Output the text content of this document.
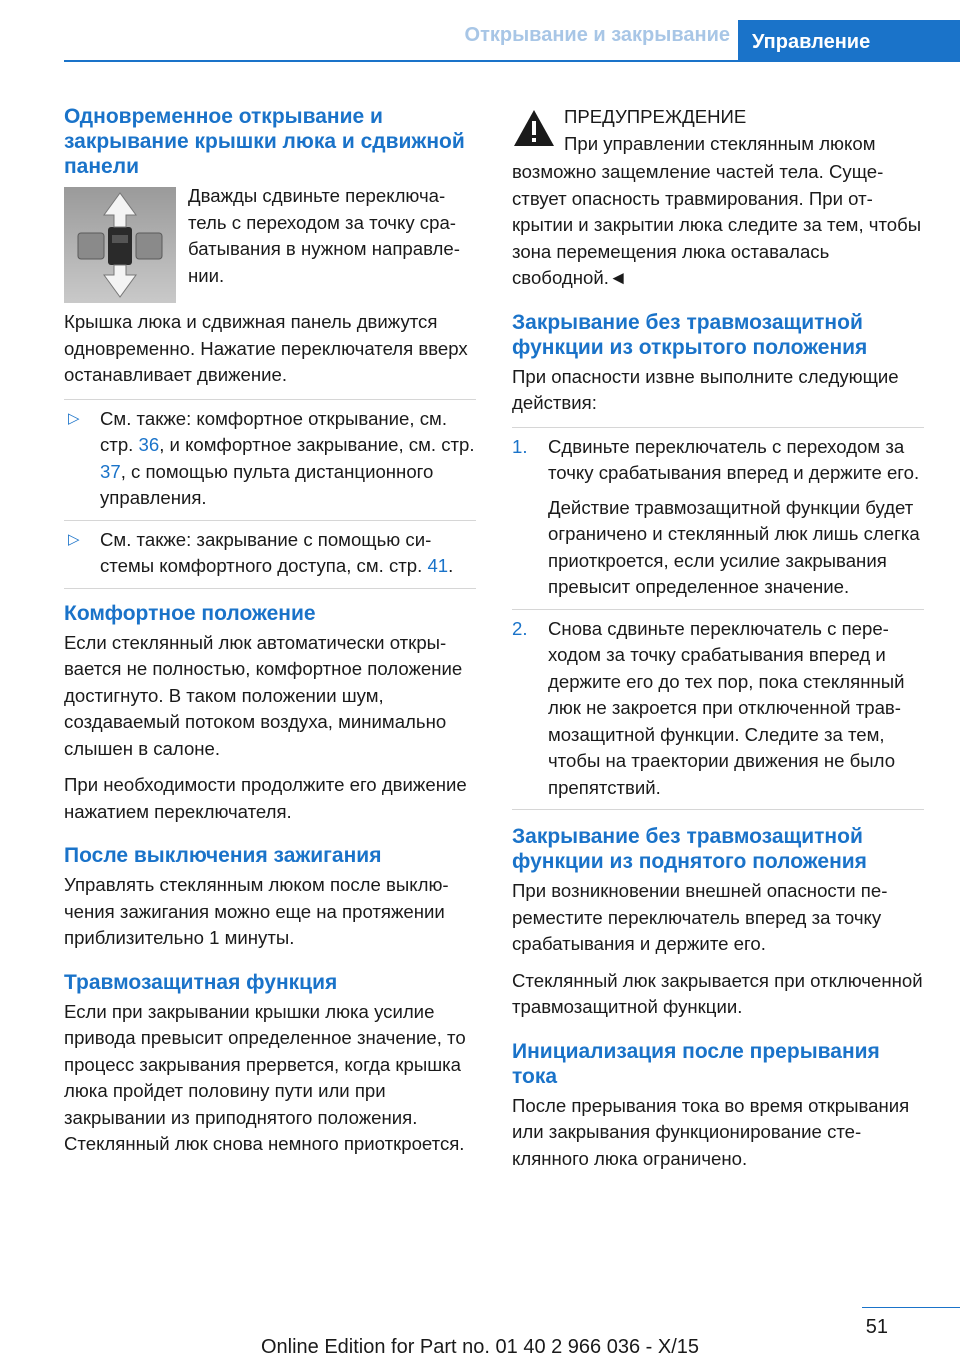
Открывание и закрывание	Управление
Одновременное открывание и закрывание крышки люка и сдвижной панели

Дважды сдвиньте переключатель с переходом за точку срабатывания в нужном направлении.

Крышка люка и сдвижная панель движутся одновременно. Нажатие переключателя вверх останавливает движение.

▷ См. также: комфортное открывание, см. стр. 36, и комфортное закрывание, см. стр. 37, с помощью пульта дистанционного управления.
▷ См. также: закрывание с помощью системы комфортного доступа, см. стр. 41.
Комфортное положение

Если стеклянный люк автоматически открывается не полностью, комфортное положение достигнуто. В таком положении шум, создаваемый потоком воздуха, минимально слышен в салоне.

При необходимости продолжите его движение нажатием переключателя.

После выключения зажигания

Управлять стеклянным люком после выключения зажигания можно еще на протяжении приблизительно 1 минуты.

Травмозащитная функция

Если при закрывании крышки люка усилие привода превысит определенное значение, то процесс закрывания прервется, когда крышка люка пройдет половину пути или при закрывании из приподнятого положения. Стеклянный люк снова немного приоткроется.

ПРЕДУПРЕЖДЕНИЕ
При управлении стеклянным люком
возможно защемление частей тела. Существует опасность травмирования. При открытии и закрытии люка следите за тем, чтобы зона перемещения люка оставалась свободной.◄
Закрывание без травмозащитной функции из открытого положения

При опасности извне выполните следующие действия:

1. Сдвиньте переключатель с переходом за точку срабатывания вперед и держите его.

Действие травмозащитной функции будет ограничено и стеклянный люк лишь слегка приоткроется, если усилие закрывания превысит определенное значение.

2. Снова сдвиньте переключатель с переходом за точку срабатывания вперед и держите его до тех пор, пока стеклянный люк не закроется при отключенной травмозащитной функции. Следите за тем, чтобы на траектории движения не было препятствий.

Закрывание без травмозащитной функции из поднятого положения

При возникновении внешней опасности переместите переключатель вперед за точку срабатывания и держите его.

Стеклянный люк закрывается при отключенной травмозащитной функции.

Инициализация после прерывания тока

После прерывания тока во время открывания или закрывания функционирование стеклянного люка ограничено.

51
Online Edition for Part no. 01 40 2 966 036 - X/15
